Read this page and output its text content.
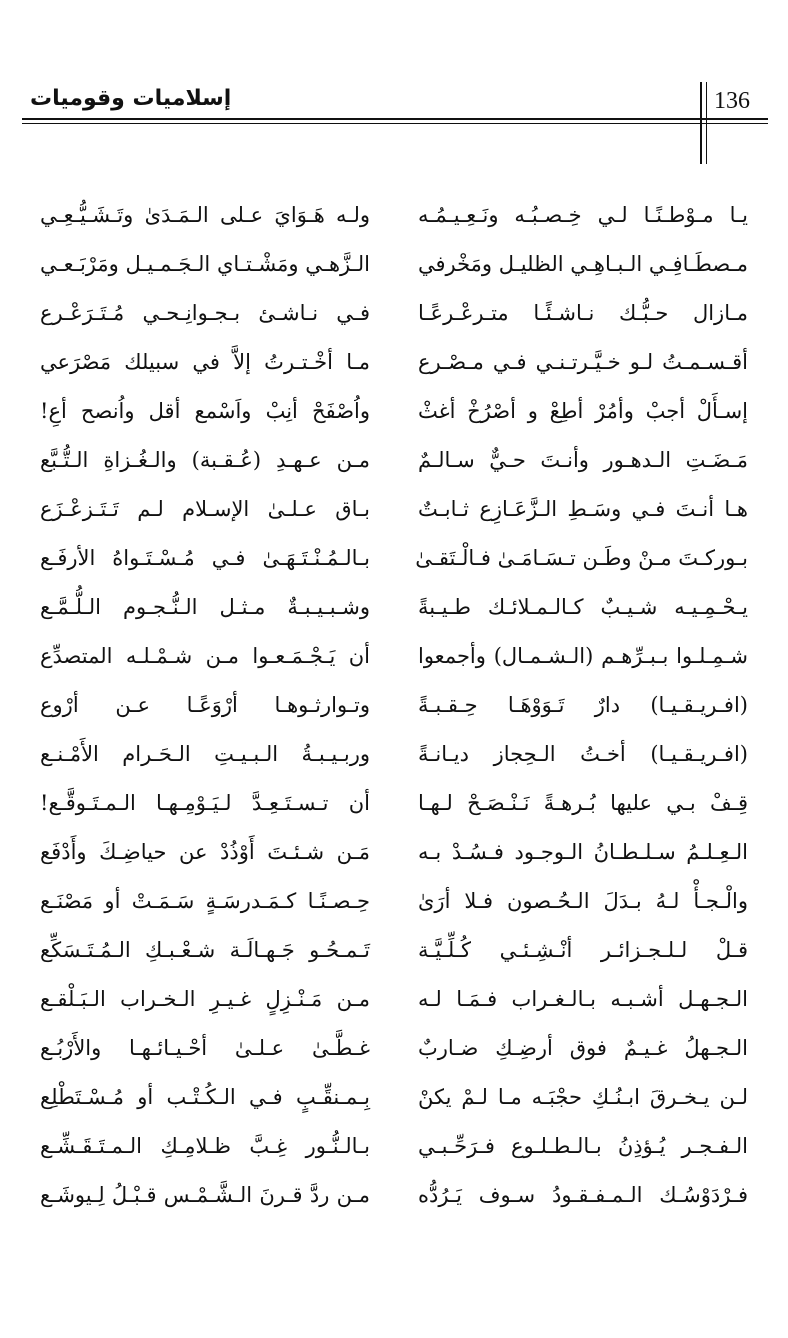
إسلاميات وقوميات	136
يـا مـوْطـنًـا لـي خِـصـبُـه ونَـعِـيـمُـه
ولـه هَـوَايَ عـلى الـمَـدَىٰ وتَـشَـيُّـعِـي
مـصطَـافِـي الـبـاهِـي الظليـل ومَخْرفي
الـزَّهـي ومَشْـتـاي الـجَـمـيـل ومَرْبَـعـي
مـازال حـبُّـك نـاشـئًـا متـرعْـرعًـا
فـي نـاشـئ بـجـوانِـحـي مُـتَـرَعْـرع
أقـسـمـتُ لـو خـيَّـرتـنـي فـي مـصْـرع
مـا أخْـتـرتُ إلاَّ في سبيلك مَصْرَعي
إسـأَلْ أجبْ وأمُرْ أطِعْ و أصْرُخْ أغثْ
واُصْفَحْ أنِبْ واَسْمع أقل واُنصح أعِ!
مَـضَـتِ الـدهـور وأنـتَ حـيٌّ سـالـمٌ
مـن عـهـدِ (عُـقـبة) والـغُـزاةِ الـتُّـبَّع
هـا أنـتَ فـي وسَـطِ الـزَّعَـازِع ثـابـتٌ
بـاق عـلـىٰ الإسـلام لـم تَـتَـزعْـزَع
بـوركـتَ مـنْ وطَـن تـسَـامَـىٰ فـالْـتَقـىٰ
بـالـمُـنْـتَـهَـىٰ فـي مُـسْـتَـواهُ الأرفَـع
يـحْـمِـيـه شـيـبٌ كـالـمـلائـك طـيـبةً
وشـبـيـبـةٌ مـثـل الـنُّـجـوم الـلُّـمَّـع
شـمِـلـوا بـبـرِّهـم (الـشـمـال) وأجمعوا
أن يَـجْـمَـعـوا مـن شـمْـلـه المتصدِّع
(افـريـقـيـا) دارٌ تَـوَوْهَـا حِـقـبـةً
وتـوارثـوهـا أرْوَعًـا عـن أرْوع
(افـريـقـيـا) أخـتُ الـحِجاز ديـانـةً
وربـيـبـةُ الـبـيـتِ الـحَـرام الأَمْـنـع
قِـفْ بـي عليها بُـرهـةً نَـنْـصَـحْ لـهـا
أن تـسـتَـعِـدَّ لـيَـوْمِـهـا الـمـتَـوقَّـع!
الـعِـلـمُ سـلـطـانُ الـوجـود فـسُـدْ بـه
مَـن شـئـتَ أَوْذُدْ عن حياضِـكَ وأَدْفَع
والْـجـأْ لـهُ بـدَلَ الـحُـصون فـلا أرَىٰ
حِـصـنًـا كـمَـدرسَـةٍ سَـمَـتْ أو مَصْنَـع
قـلْ لـلـجـزائـر أنْـشِـئـي كُـلِّـيَّـة
تَـمـحُـو جَـهـالَـة شـعْـبـكِ الـمُـتَـسَكِّع
الـجـهـل أشـبـه بـالـغـراب فـمَـا لـه
مـن مَـنْـزِلٍ غـيـرِ الـخـراب الـبَـلْقـع
الـجـهلُ غـيـمٌ فوق أرضِـكِ ضـاربٌ
غـطَّـىٰ عـلـىٰ أحْـيـائـهـا والأَرْبُـع
لـن يـخـرقَ ابـنُـكِ حجْبَـه مـا لـمْ يكنْ
بِـمـنقِّـبٍ فـي الـكُـتْـب أو مُـسْـتَطْلِع
الـفـجـر يُـؤذِنُ بـالـطـلـوع فـرَحِّـبـي
بـالـنُّـور غِـبَّ ظـلامِـكِ الـمـتَـقَـشِّـع
فـرْدَوْسُـك الـمـفـقـودُ سـوف يَـرُدُّه
مـن ردَّ قـرنَ الـشَّـمْـس قـبْـلُ لِـيوشَـع
